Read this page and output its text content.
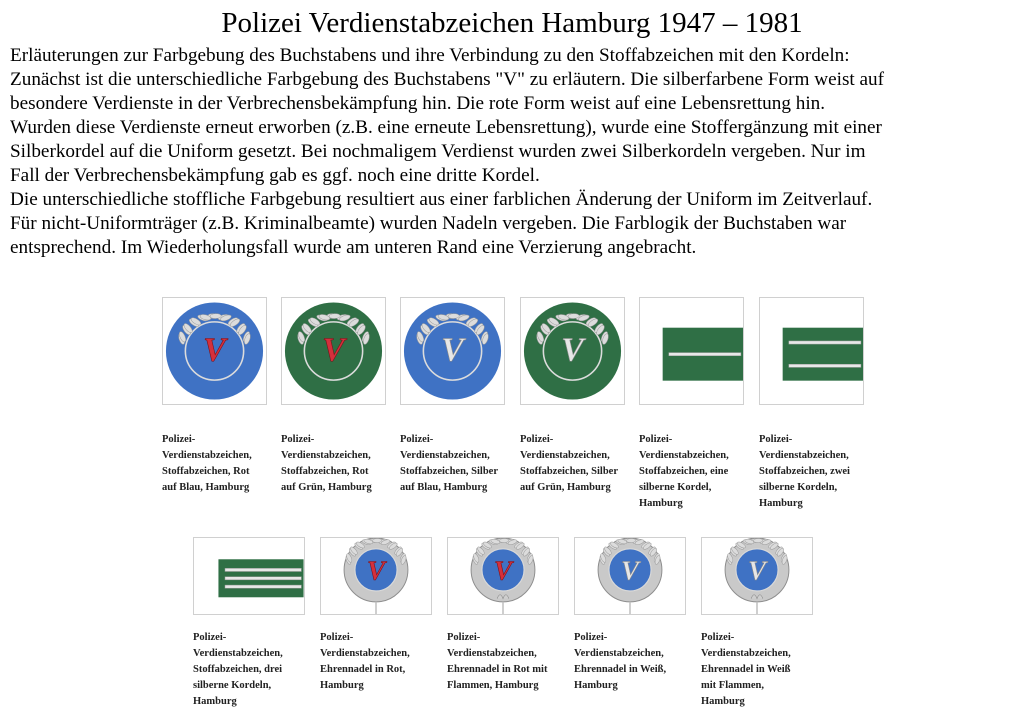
Polizei Verdienstabzeichen Hamburg 1947 – 1981

Erläuterungen zur Farbgebung des Buchstabens und ihre Verbindung zu den Stoffabzeichen mit den Kordeln:

Zunächst ist die unterschiedliche Farbgebung des Buchstabens "V" zu erläutern. Die silberfarbene Form weist auf

besondere Verdienste in der Verbrechensbekämpfung hin. Die rote Form weist auf eine Lebensrettung hin.

Wurden diese Verdienste erneut erworben (z.B. eine erneute Lebensrettung), wurde eine Stoffergänzung mit einer

Silberkordel auf die Uniform gesetzt. Bei nochmaligem Verdienst wurden zwei Silberkordeln vergeben. Nur im

Fall der Verbrechensbekämpfung gab es ggf. noch eine dritte Kordel.

Die unterschiedliche stoffliche Farbgebung resultiert aus einer farblichen Änderung der Uniform im Zeitverlauf.

Für nicht-Uniformträger (z.B. Kriminalbeamte) wurden Nadeln vergeben. Die Farblogik der Buchstaben war

entsprechend. Im Wiederholungsfall wurde am unteren Rand eine Verzierung angebracht.

V
Polizei-
Verdienstabzeichen,
Stoffabzeichen, Rot
auf Blau, Hamburg
V
Polizei-
Verdienstabzeichen,
Stoffabzeichen, Rot
auf Grün, Hamburg
V
Polizei-
Verdienstabzeichen,
Stoffabzeichen, Silber
auf Blau, Hamburg
V
Polizei-
Verdienstabzeichen,
Stoffabzeichen, Silber
auf Grün, Hamburg
Polizei-
Verdienstabzeichen,
Stoffabzeichen, eine
silberne Kordel,
Hamburg
Polizei-
Verdienstabzeichen,
Stoffabzeichen, zwei
silberne Kordeln,
Hamburg
Polizei-
Verdienstabzeichen,
Stoffabzeichen, drei
silberne Kordeln,
Hamburg
V
Polizei-
Verdienstabzeichen,
Ehrennadel in Rot,
Hamburg
V
Polizei-
Verdienstabzeichen,
Ehrennadel in Rot mit
Flammen, Hamburg
V
Polizei-
Verdienstabzeichen,
Ehrennadel in Weiß,
Hamburg
V
Polizei-
Verdienstabzeichen,
Ehrennadel in Weiß
mit Flammen,
Hamburg
